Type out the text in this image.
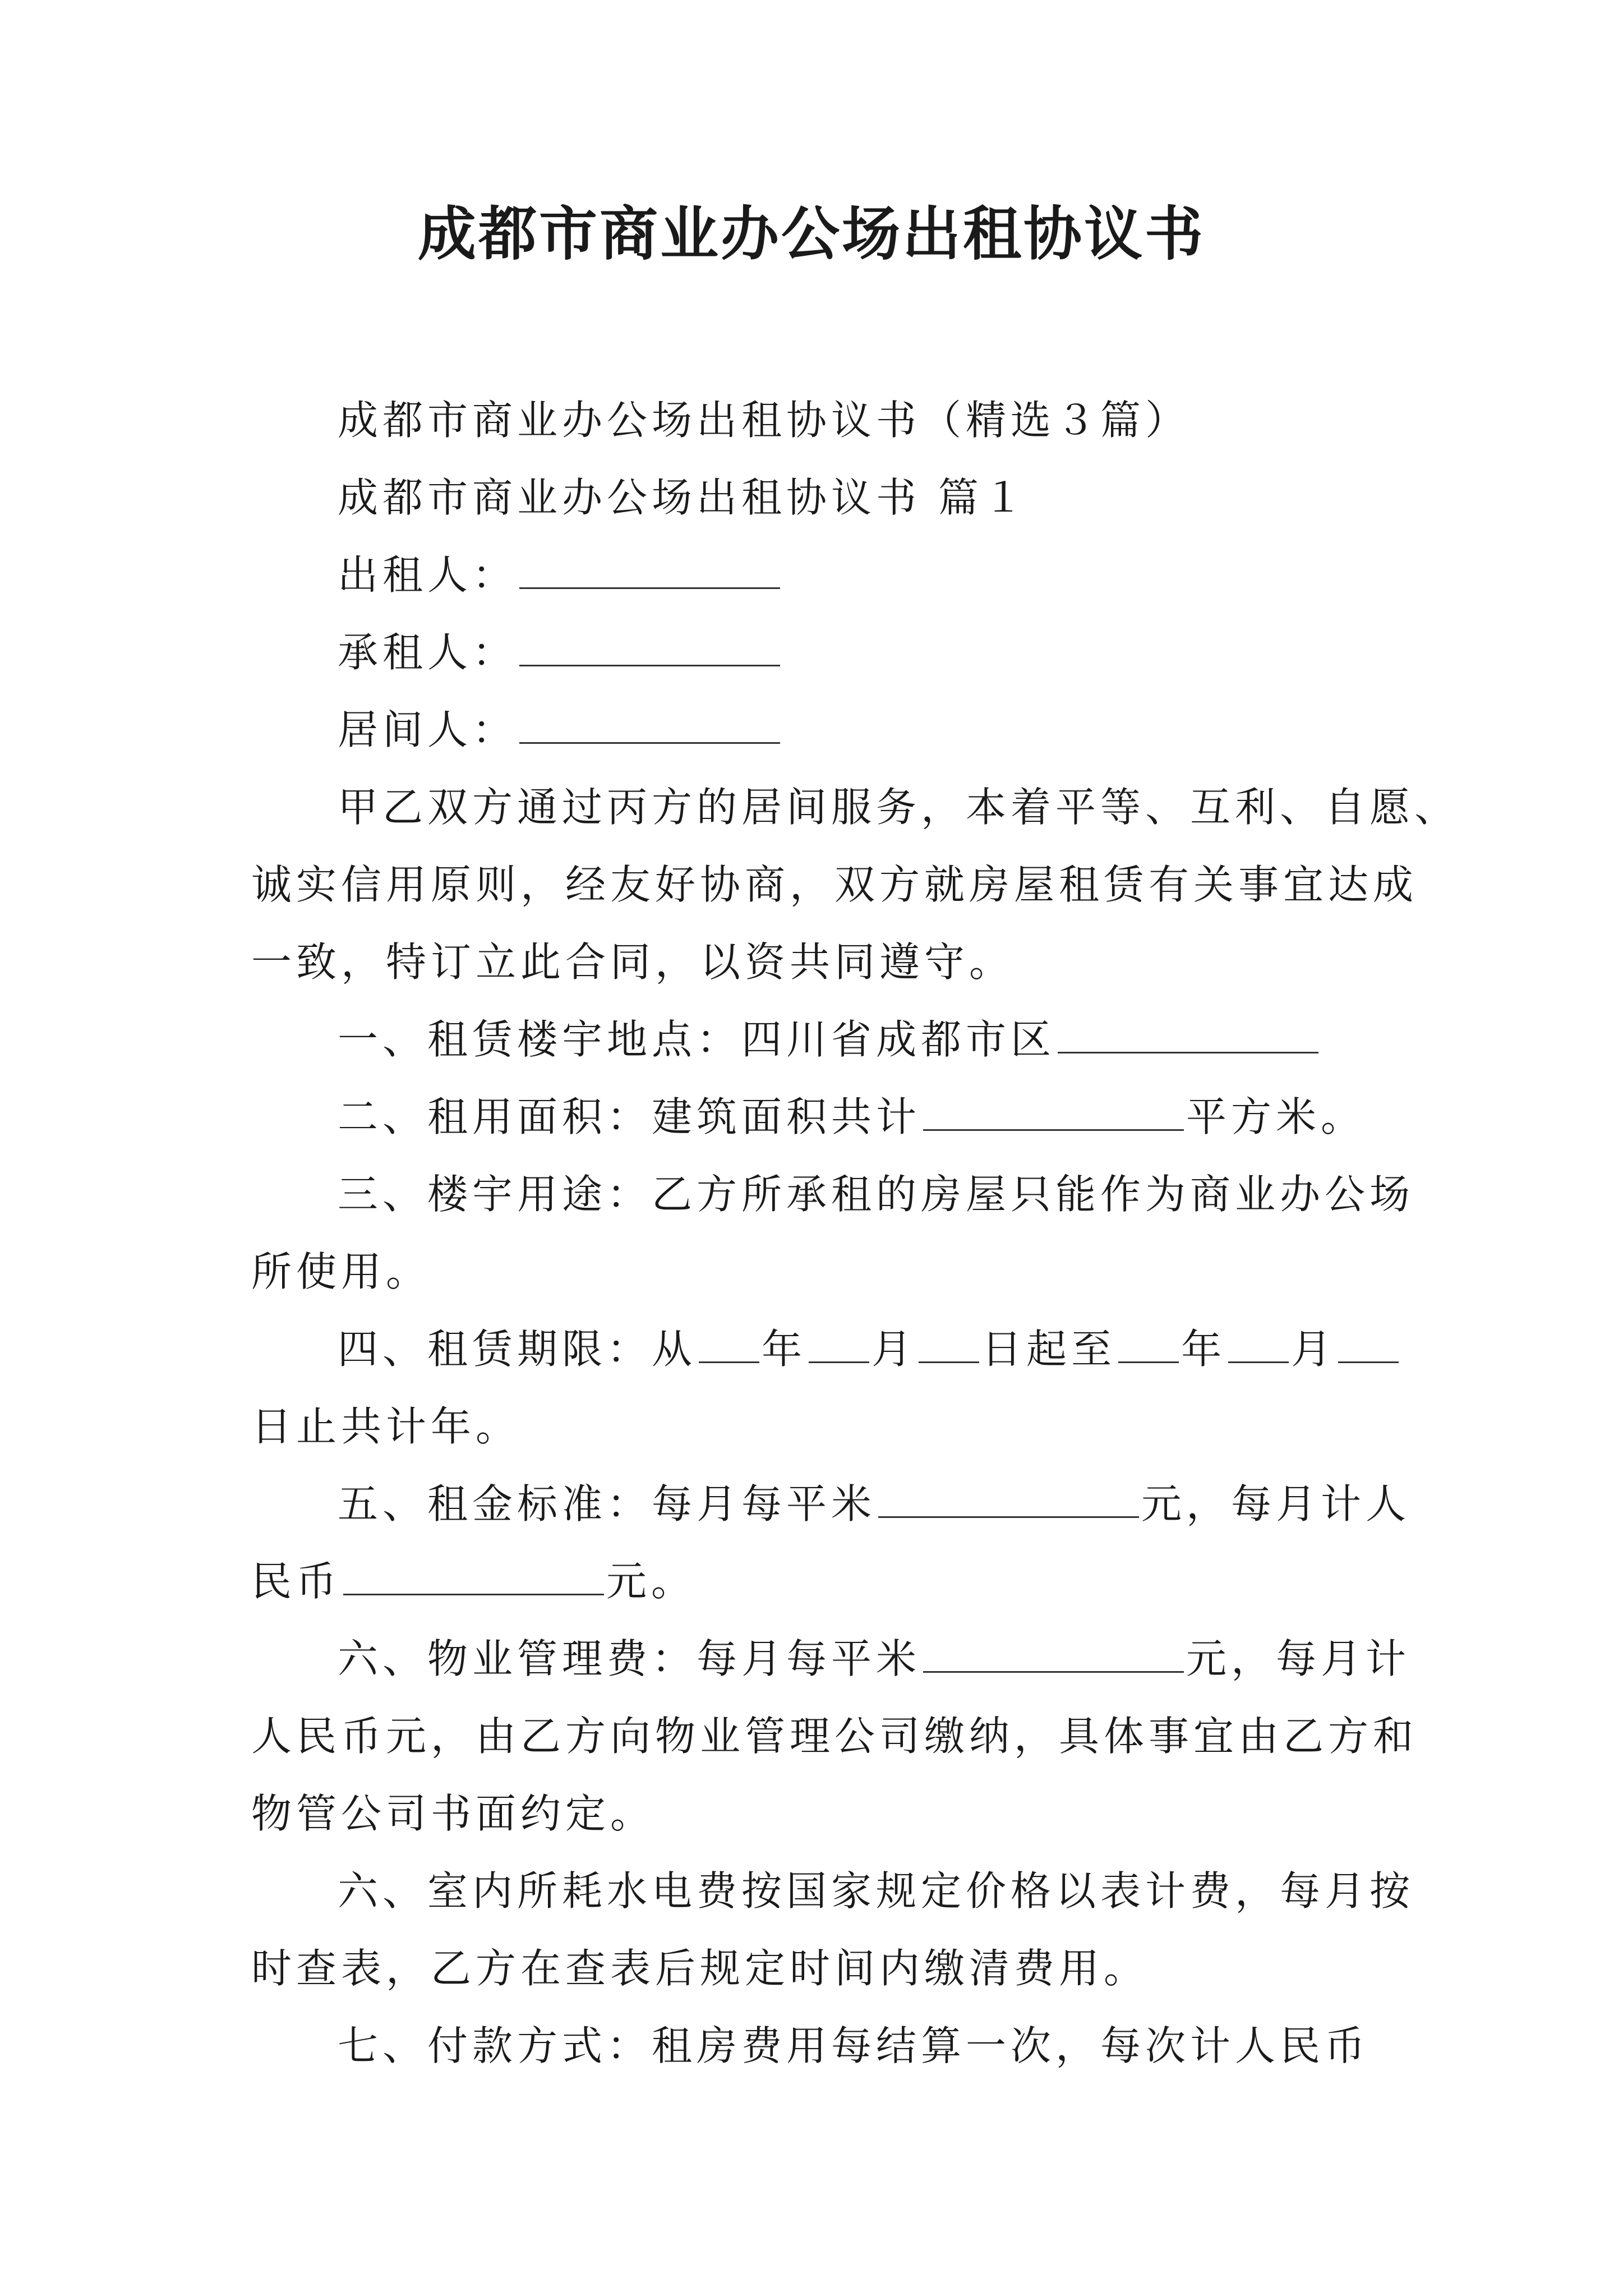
成都市商业办公场出租协议书
成都市商业办公场出租协议书（精选３篇）
成都市商业办公场出租协议书 篇１
出租人：
承租人：
居间人：
甲乙双方通过丙方的居间服务，本着平等、互利、自愿、
诚实信用原则，经友好协商，双方就房屋租赁有关事宜达成
一致，特订立此合同，以资共同遵守。
一、租赁楼宇地点：四川省成都市区
二、租用面积：建筑面积共计	平方米。
三、楼宇用途：乙方所承租的房屋只能作为商业办公场
所使用。
四、租赁期限：从 年 月 日起至 年 月
日止共计年。
五、租金标准：每月每平米	元，每月计人
民币	元。
六、物业管理费：每月每平米	元，每月计
人民币元，由乙方向物业管理公司缴纳，具体事宜由乙方和
物管公司书面约定。
六、室内所耗水电费按国家规定价格以表计费，每月按
时查表，乙方在查表后规定时间内缴清费用。
七、付款方式：租房费用每结算一次，每次计人民币
